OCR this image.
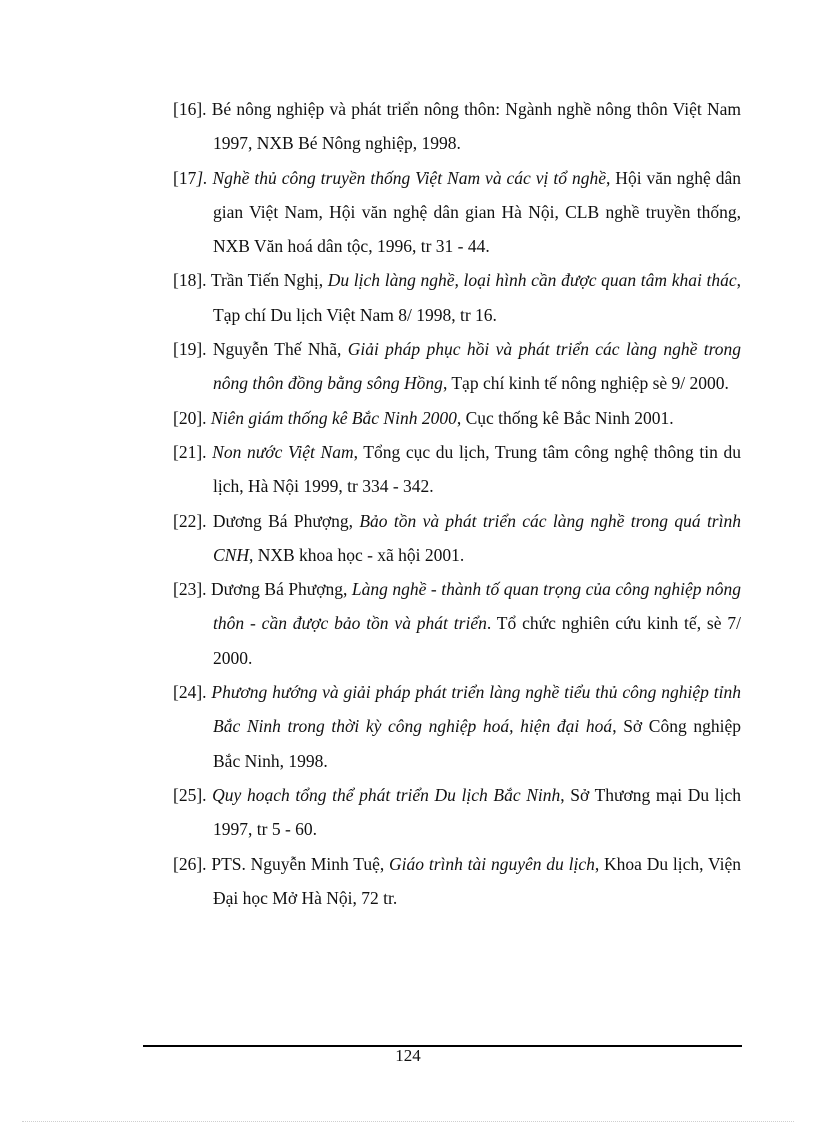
[16]. Bé nông nghiệp và phát triển nông thôn: Ngành nghề nông thôn Việt Nam 1997, NXB Bé Nông nghiệp, 1998.
[17]. Nghề thủ công truyền thống Việt Nam và các vị tổ nghề, Hội văn nghệ dân gian Việt Nam, Hội văn nghệ dân gian Hà Nội, CLB nghề truyền thống, NXB Văn hoá dân tộc, 1996, tr 31 - 44.
[18]. Trần Tiến Nghị, Du lịch làng nghề, loại hình cần được quan tâm khai thác, Tạp chí Du lịch Việt Nam 8/ 1998, tr 16.
[19]. Nguyễn Thế Nhã, Giải pháp phục hồi và phát triển các làng nghề trong nông thôn đồng bằng sông Hồng, Tạp chí kinh tế nông nghiệp sè 9/ 2000.
[20]. Niên giám thống kê Bắc Ninh 2000, Cục thống kê Bắc Ninh 2001.
[21]. Non nước Việt Nam, Tổng cục du lịch, Trung tâm công nghệ thông tin du lịch, Hà Nội 1999, tr 334 - 342.
[22]. Dương Bá Phượng, Bảo tồn và phát triển các làng nghề trong quá trình CNH, NXB khoa học - xã hội 2001.
[23]. Dương Bá Phượng, Làng nghề - thành tố quan trọng của công nghiệp nông thôn - cần được bảo tồn và phát triển. Tổ chức nghiên cứu kinh tế, sè 7/ 2000.
[24]. Phương hướng và giải pháp phát triển làng nghề tiểu thủ công nghiệp tỉnh Bắc Ninh trong thời kỳ công nghiệp hoá, hiện đại hoá, Sở Công nghiệp Bắc Ninh, 1998.
[25]. Quy hoạch tổng thể phát triển Du lịch Bắc Ninh, Sở Thương mại Du lịch 1997, tr 5 - 60.
[26]. PTS. Nguyễn Minh Tuệ, Giáo trình tài nguyên du lịch, Khoa Du lịch, Viện Đại học Mở Hà Nội, 72 tr.
124
